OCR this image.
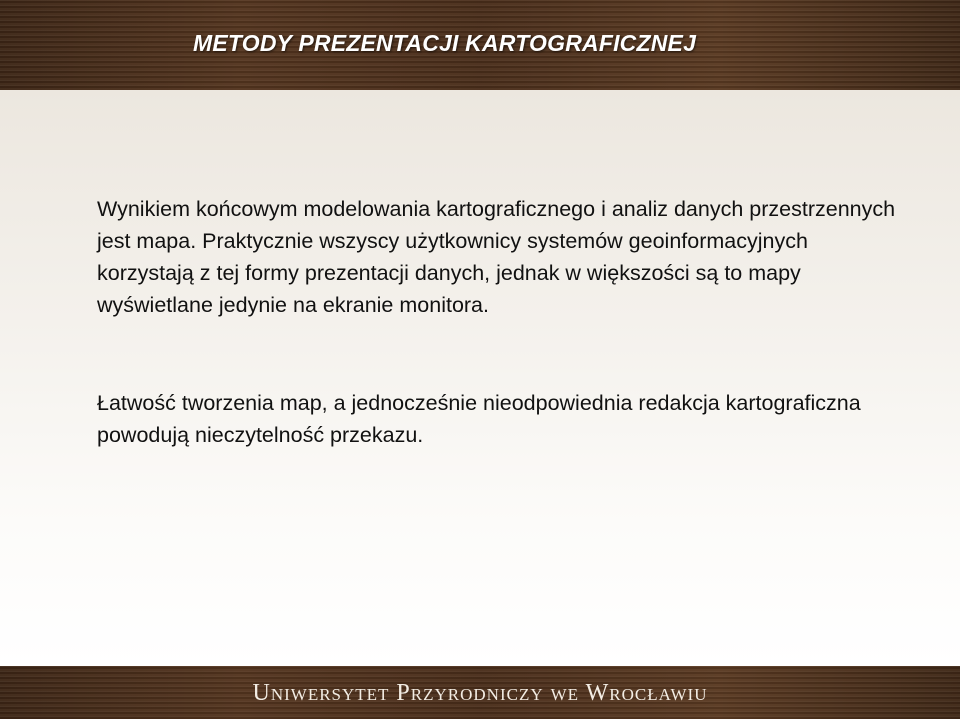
METODY PREZENTACJI KARTOGRAFICZNEJ

Wynikiem końcowym modelowania kartograficznego i analiz danych przestrzennych jest mapa. Praktycznie wszyscy użytkownicy systemów geoinformacyjnych korzystają z tej formy prezentacji danych, jednak w większości są to mapy wyświetlane jedynie na ekranie monitora.

Łatwość tworzenia map, a jednocześnie nieodpowiednia redakcja kartograficzna powodują nieczytelność przekazu.

Uniwersytet Przyrodniczy we Wrocławiu
